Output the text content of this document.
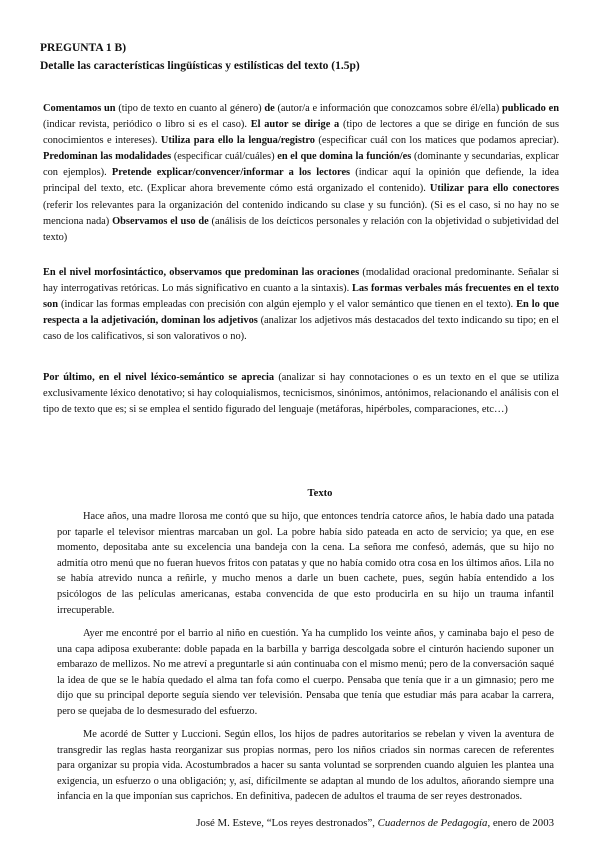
PREGUNTA 1 B)
Detalle las características lingüísticas y estilísticas del texto (1.5p)

Comentamos un (tipo de texto en cuanto al género) de (autor/a e información que conozcamos sobre él/ella) publicado en (indicar revista, periódico o libro si es el caso). El autor se dirige a (tipo de lectores a que se dirige en función de sus conocimientos e intereses). Utiliza para ello la lengua/registro (especificar cuál con los matices que podamos apreciar). Predominan las modalidades (especificar cuál/cuáles) en el que domina la función/es (dominante y secundarias, explicar con ejemplos). Pretende explicar/convencer/informar a los lectores (indicar aquí la opinión que defiende, la idea principal del texto, etc. (Explicar ahora brevemente cómo está organizado el contenido). Utilizar para ello conectores (referir los relevantes para la organización del contenido indicando su clase y su función). (Si es el caso, si no hay no se menciona nada) Observamos el uso de (análisis de los deícticos personales y relación con la objetividad o subjetividad del texto)

En el nivel morfosintáctico, observamos que predominan las oraciones (modalidad oracional predominante. Señalar si hay interrogativas retóricas. Lo más significativo en cuanto a la sintaxis). Las formas verbales más frecuentes en el texto son (indicar las formas empleadas con precisión con algún ejemplo y el valor semántico que tienen en el texto). En lo que respecta a la adjetivación, dominan los adjetivos (analizar los adjetivos más destacados del texto indicando su tipo; en el caso de los calificativos, si son valorativos o no).

Por último, en el nivel léxico-semántico se aprecia (analizar si hay connotaciones o es un texto en el que se utiliza exclusivamente léxico denotativo; si hay coloquialismos, tecnicismos, sinónimos, antónimos, relacionando el análisis con el tipo de texto que es; si se emplea el sentido figurado del lenguaje (metáforas, hipérboles, comparaciones, etc…)

Texto

Hace años, una madre llorosa me contó que su hijo, que entonces tendría catorce años, le había dado una patada por taparle el televisor mientras marcaban un gol. La pobre había sido pateada en acto de servicio; ya que, en ese momento, depositaba ante su excelencia una bandeja con la cena. La señora me confesó, además, que su hijo no admitía otro menú que no fueran huevos fritos con patatas y que no había comido otra cosa en los últimos años. Lila no se había atrevido nunca a reñirle, y mucho menos a darle un buen cachete, pues, según había entendido a los psicólogos de las películas americanas, estaba convencida de que esto producirla en su hijo un trauma infantil irrecuperable.

Ayer me encontré por el barrio al niño en cuestión. Ya ha cumplido los veinte años, y caminaba bajo el peso de una capa adiposa exuberante: doble papada en la barbilla y barriga descolgada sobre el cinturón haciendo suponer un embarazo de mellizos. No me atreví a preguntarle si aún continuaba con el mismo menú; pero de la conversación saqué la idea de que se le había quedado el alma tan fofa como el cuerpo. Pensaba que tenía que ir a un gimnasio; pero me dijo que su principal deporte seguía siendo ver televisión. Pensaba que tenía que estudiar más para acabar la carrera, pero se quejaba de lo desmesurado del esfuerzo.

Me acordé de Sutter y Luccioni. Según ellos, los hijos de padres autoritarios se rebelan y viven la aventura de transgredir las reglas hasta reorganizar sus propias normas, pero los niños criados sin normas carecen de referentes para organizar su propia vida. Acostumbrados a hacer su santa voluntad se sorprenden cuando alguien les plantea una exigencia, un esfuerzo o una obligación; y, así, difícilmente se adaptan al mundo de los adultos, añorando siempre una infancia en la que imponían sus caprichos. En definitiva, padecen de adultos el trauma de ser reyes destronados.

José M. Esteve, “Los reyes destronados”, Cuadernos de Pedagogía, enero de 2003
